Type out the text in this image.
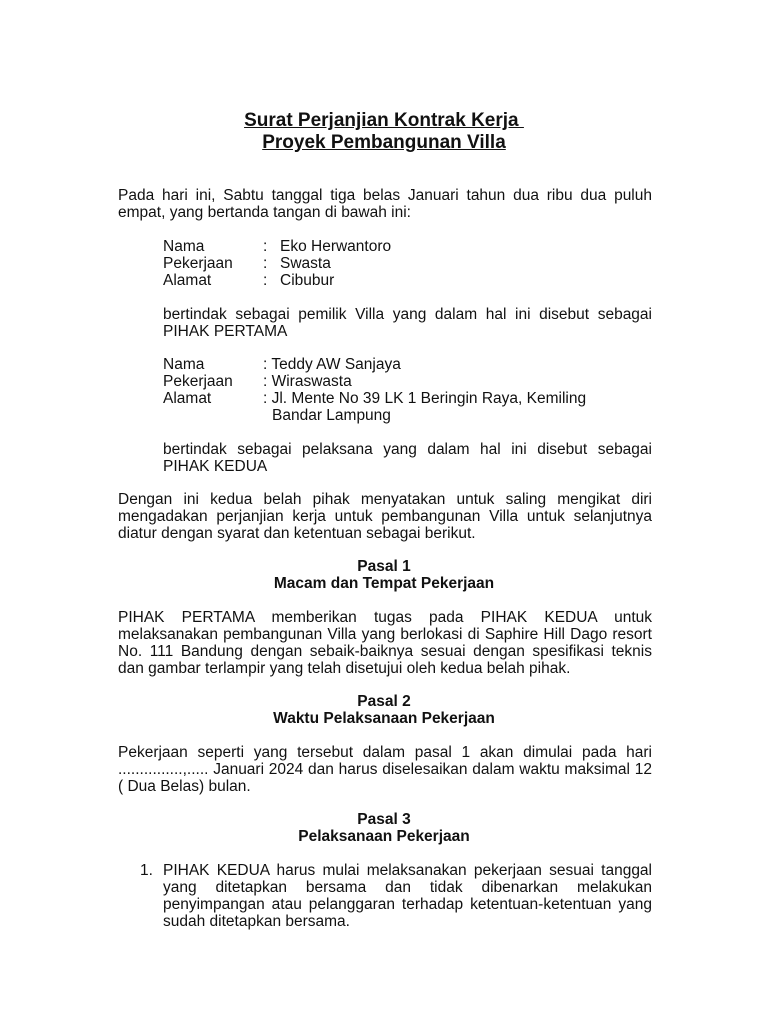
Surat Perjanjian Kontrak Kerja
Proyek Pembangunan Villa
Pada hari ini, Sabtu tanggal tiga belas Januari tahun dua ribu dua puluh empat, yang bertanda tangan di bawah ini:
Nama	: Eko Herwantoro
Pekerjaan : Swasta
Alamat	: Cibubur
bertindak sebagai pemilik Villa yang dalam hal ini disebut sebagai PIHAK PERTAMA
Nama	: Teddy AW Sanjaya
Pekerjaan : Wiraswasta
Alamat	: Jl. Mente No 39 LK 1 Beringin Raya, Kemiling
Bandar Lampung
bertindak sebagai pelaksana yang dalam hal ini disebut sebagai PIHAK KEDUA
Dengan ini kedua belah pihak menyatakan untuk saling mengikat diri mengadakan perjanjian kerja untuk pembangunan Villa untuk selanjutnya diatur dengan syarat dan ketentuan sebagai berikut.
Pasal 1
Macam dan Tempat Pekerjaan
PIHAK PERTAMA memberikan tugas pada PIHAK KEDUA untuk melaksanakan pembangunan Villa yang berlokasi di Saphire Hill Dago resort No. 111 Bandung dengan sebaik-baiknya sesuai dengan spesifikasi teknis dan gambar terlampir yang telah disetujui oleh kedua belah pihak.
Pasal 2
Waktu Pelaksanaan Pekerjaan
Pekerjaan seperti yang tersebut dalam pasal 1 akan dimulai pada hari ...............,..... Januari 2024 dan harus diselesaikan dalam waktu maksimal 12 ( Dua Belas) bulan.
Pasal 3
Pelaksanaan Pekerjaan
1. PIHAK KEDUA harus mulai melaksanakan pekerjaan sesuai tanggal yang ditetapkan bersama dan tidak dibenarkan melakukan penyimpangan atau pelanggaran terhadap ketentuan-ketentuan yang sudah ditetapkan bersama.
